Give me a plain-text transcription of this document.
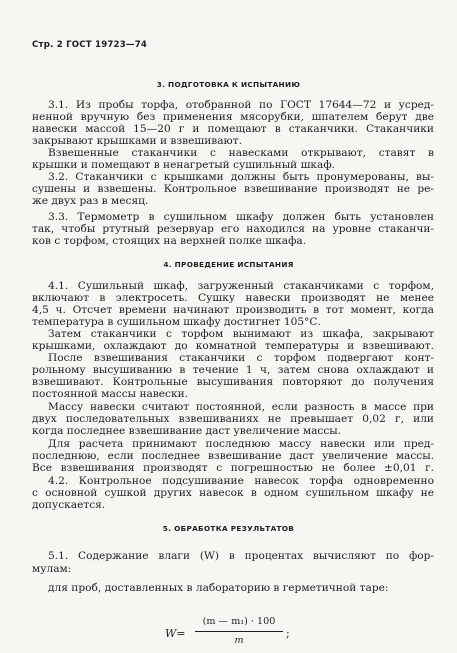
Стр. 2 ГОСТ 19723—74
3. ПОДГОТОВКА К ИСПЫТАНИЮ
3.1. Из пробы торфа, отобранной по ГОСТ 17644—72 и усред-
ненной вручную без применения мясорубки, шпателем берут две
навески массой 15—20 г и помещают в стаканчики. Стаканчики
закрывают крышками и взвешивают.
Взвешенные стаканчики с навесками открывают, ставят в
крышки и помещают в ненагретый сушильный шкаф.
3.2. Стаканчики с крышками должны быть пронумерованы, вы-
сушены и взвешены. Контрольное взвешивание производят не ре-
же двух раз в месяц.
3.3. Термометр в сушильном шкафу должен быть установлен
так, чтобы ртутный резервуар его находился на уровне стаканчи-
ков с торфом, стоящих на верхней полке шкафа.
4. ПРОВЕДЕНИЕ ИСПЫТАНИЯ
4.1. Сушильный шкаф, загруженный стаканчиками с торфом,
включают в электросеть. Сушку навески производят не менее
4,5 ч. Отсчет времени начинают производить в тот момент, когда
температура в сушильном шкафу достигнет 105°С.
Затем стаканчики с торфом вынимают из шкафа, закрывают
крышками, охлаждают до комнатной температуры и взвешивают.
После взвешивания стаканчики с торфом подвергают конт-
рольному высушиванию в течение 1 ч, затем снова охлаждают и
взвешивают. Контрольные высушивания повторяют до получения
постоянной массы навески.
Массу навески считают постоянной, если разность в массе при
двух последовательных взвешиваниях не превышает 0,02 г, или
когда последнее взвешивание даст увеличение массы.
Для расчета принимают последнюю массу навески или пред-
последнюю, если последнее взвешивание даст увеличение массы.
Все взвешивания производят с погрешностью не более ±0,01 г.
4.2. Контрольное подсушивание навесок торфа одновременно
с основной сушкой других навесок в одном сушильном шкафу не
допускается.
5. ОБРАБОТКА РЕЗУЛЬТАТОВ
5.1. Содержание влаги (W) в процентах вычисляют по фор-
мулам:
для проб, доставленных в лабораторию в герметичной таре:
W=
(m — m₁) · 100
m
;
